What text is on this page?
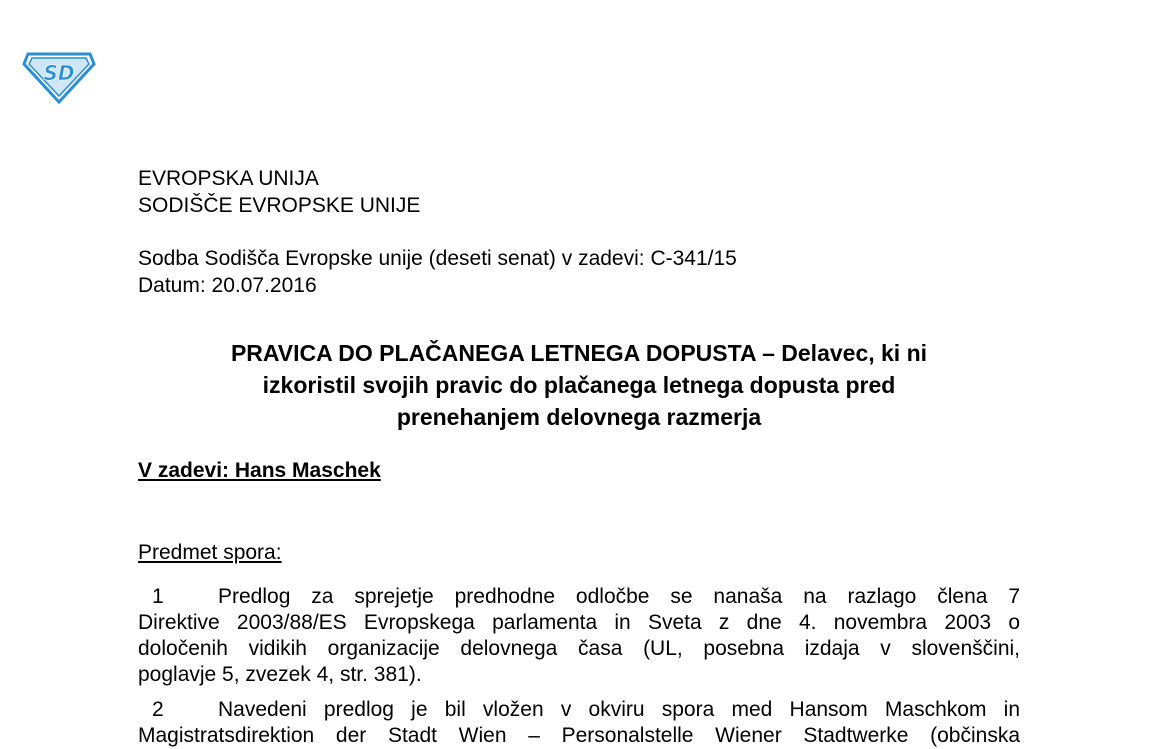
SD

EVROPSKA UNIJA

SODIŠČE EVROPSKE UNIJE

Sodba Sodišča Evropske unije (deseti senat) v zadevi: C-341/15

Datum: 20.07.2016

PRAVICA DO PLAČANEGA LETNEGA DOPUSTA – Delavec, ki ni
izkoristil svojih pravic do plačanega letnega dopusta pred
prenehanjem delovnega razmerja

V zadevi: Hans Maschek

Predmet spora:

1	Predlog za sprejetje predhodne odločbe se nanaša na razlago člena 7
Direktive 2003/88/ES Evropskega parlamenta in Sveta z dne 4. novembra 2003 o
določenih vidikih organizacije delovnega časa (UL, posebna izdaja v slovenščini,
poglavje 5, zvezek 4, str. 381).
2	Navedeni predlog je bil vložen v okviru spora med Hansom Maschkom in
Magistratsdirektion der Stadt Wien – Personalstelle Wiener Stadtwerke (občinska
